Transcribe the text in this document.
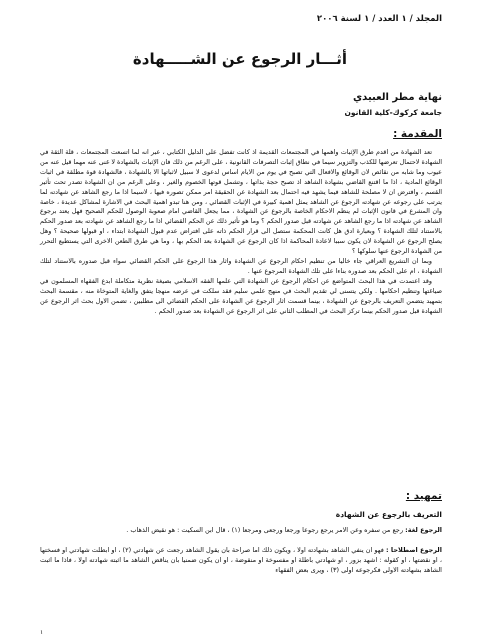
المجلد / ١ العدد / ١ لسنة ٢٠٠٦
أثـــار الرجوع عن الشـــــهادة
نهاية مطر العبيدي
جامعة كركوك-كلية القانون
المقدمة :

تعد الشهادة من اقدم طرق الإثبات واهمها في المجتمعات القديمة اذ كانت تفضل على الدليل الكتابي ، عبر انه لما اتسعت المجتمعات ، قلة الثقة في الشهادة لاحتمال تعرضها للكذب والتزوير سيما في نطاق إثبات التصرفات القانونية ، على الرغم من ذلك فان الإثبات بالشهادة لا غنى عنه مهما قيل عنه من عيوب وما شابه من نقائص لان الوقائع والافعال التي تصبح في يوم من الايام اساس لدعوى لا سبيل لاثباتها الا بالشهادة ، فالشهادة قوة مطلقة في اثبات الوقائع المادية ، اذا ما اقتنع القاضي بشهادة الشاهد اذ تصبح حجة بذاتها ، وتشمل قوتها الخصوم والغير ، وعلى الرغم من ان الشهادة تصدر تحت تأثير القسم ، وافترض ان لا مصلحة للشاهد فيما يشهد فيه احتمال بعد الشهادة عن الحقيقة امر ممكن تصوره فيها ، لاسيما اذا ما رجع الشاهد عن شهادته لما يترتب على رجوعه عن شهادته الرجوع عن الشاهد يمثل اهمية كبيرة في الإثبات القضائي ، ومن هنا تبدو اهمية البحث في الاشارة لمشاكل عديدة ، خاصة وان المشرع في قانون الإثبات لم ينظم الاحكام الخاصة بالرجوع عن الشهادة ، مما يجعل القاضي امام صعوبة الوصول للحكم الصحيح فهل يعتد برجوع الشاهد عن شهادته اذا ما رجع الشاهد عن شهادته قبل صدور الحكم ؟ وما هو تأثير ذلك عن الحكم القضائي اذا ما رجع الشاهد عن شهادته بعد صدور الحكم بالاستناد لتلك الشهادة ؟ وبعبارة ادق هل كانت المحكمة ستصل الى قرار الحكم ذاته على افتراض عدم قبول الشهادة ابتداء ، او قبولها صحيحة ؟ وهل يصلح الرجوع عن الشهادة لان يكون سببا لاعادة المحاكمة اذا كان الرجوع عن الشهادة بعد الحكم بها ، وما هي طرق الطعن الاخرى التي يستطيع التحرر من الشهادة الرجوع عنها سلوكها ؟

وبما ان التشريع العراقي جاء خاليا من تنظيم احكام الرجوع عن الشهادة واثار هذا الرجوع على الحكم القضائي سواء قبل صدوره بالاستناد لتلك الشهادة ، ام على الحكم بعد صدوره بناءا على تلك الشهادة المرجوع عنها .

وقد اعتمدت في هذا البحث المتواضع عن احكام الرجوع عن الشهادة التي علمها الفقه الاسلامي بصيغة نظرية متكاملة ابدع الفقهاء المسلمون في صياغتها وتنظيم احكامها . ولكي يتسنى لي تقديم البحث في منهج علمي سليم فقد سلكت في عرضه منهجا يتفق والغاية المتوخاة منه ، مقسمة البحث بتمهيد يتضمن التعريف بالرجوع عن الشهادة ، بينما قسمت اثار الرجوع عن الشهادة على الحكم القضائي الى مطلبين ، تضمن الاول بحث اثر الرجوع عن الشهادة قبل صدور الحكم بينما تركز البحث في المطلب الثاني على اثر الرجوع عن الشهادة بعد صدور الحكم .

تمهيد :
التعريف بالرجوع عن الشهادة
الرجوع لغة: رجع من سفره وعن الامر يرجع رجوعا ورجعا ورجعى ومرجعا (١) ، قال ابن السكيت : هو نقيض الذهاب .
الرجوع اصطلاحا : فهو ان ينفي الشاهد بشهادته اولا ، ويكون ذلك اما صراحة بان يقول الشاهد رجعت عن شهادتي (٢) ، او ابطلت شهادتي او فسختها ، او نقضتها ، او كقوله : اشهد بزور ، او شهادتي باطلة او مفسوخة او منقوضة ، او ان يكون ضمنيا بان يناقض الشاهد ما اثبته شهادته اولا ، فاذا ما اثبت الشاهد بشهادته الاولى فكرجوعه اولى (٣) ، ويرى بعض الفقهاء
١
